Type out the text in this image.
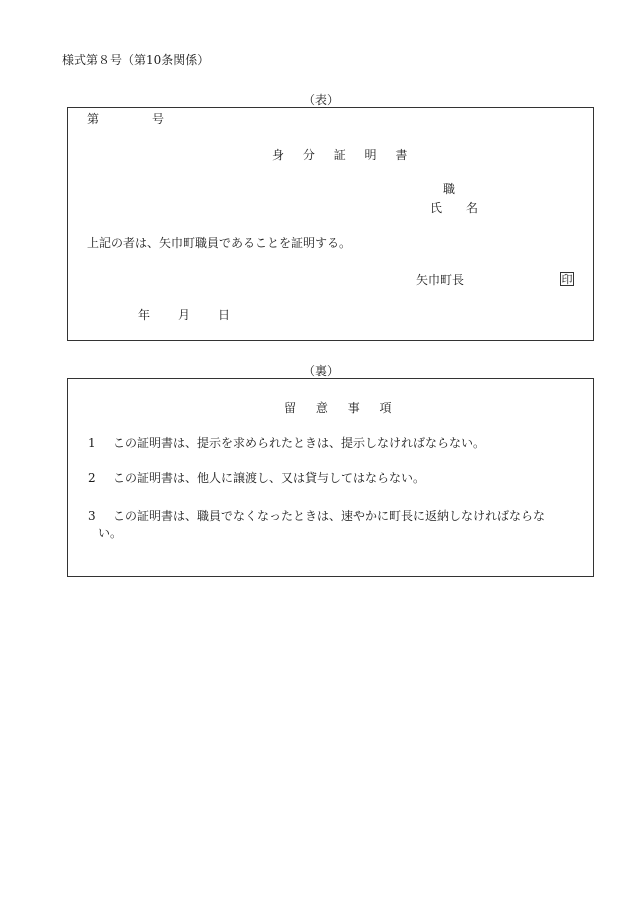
様式第８号（第10条関係）
（表）
第	号
身 分 証 明 書
職
氏　名
上記の者は、矢巾町職員であることを証明する。
矢巾町長	印
年 月 日
（裏）
留 意 事 項
1 この証明書は、提示を求められたときは、提示しなければならない。
2 この証明書は、他人に譲渡し、又は貸与してはならない。
3 この証明書は、職員でなくなったときは、速やかに町長に返納しなければならな
い。
